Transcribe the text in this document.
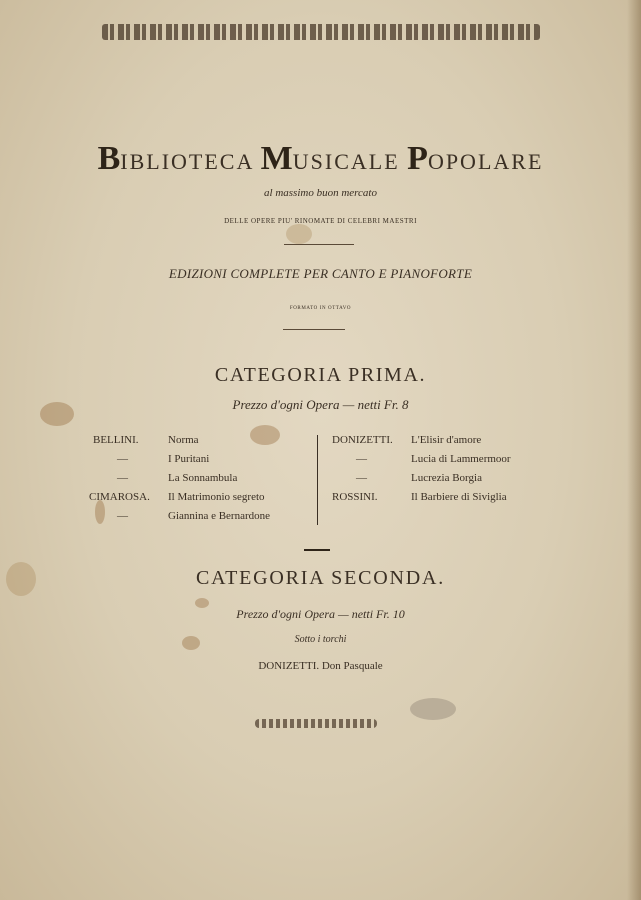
BIBLIOTECA MUSICALE POPOLARE
al massimo buon mercato
DELLE OPERE PIU' RINOMATE DI CELEBRI MAESTRI
EDIZIONI COMPLETE PER CANTO E PIANOFORTE
FORMATO IN OTTAVO
CATEGORIA PRIMA.
Prezzo d'ogni Opera — netti Fr. 8
BELLINI.
—
—
CIMAROSA.
—
Norma
I Puritani
La Sonnambula
Il Matrimonio segreto
Giannina e Bernardone
DONIZETTI.
—
—
ROSSINI.
L'Elisir d'amore
Lucia di Lammermoor
Lucrezia Borgia
Il Barbiere di Siviglia
CATEGORIA SECONDA.
Prezzo d'ogni Opera — netti Fr. 10
Sotto i torchi
DONIZETTI. Don Pasquale
